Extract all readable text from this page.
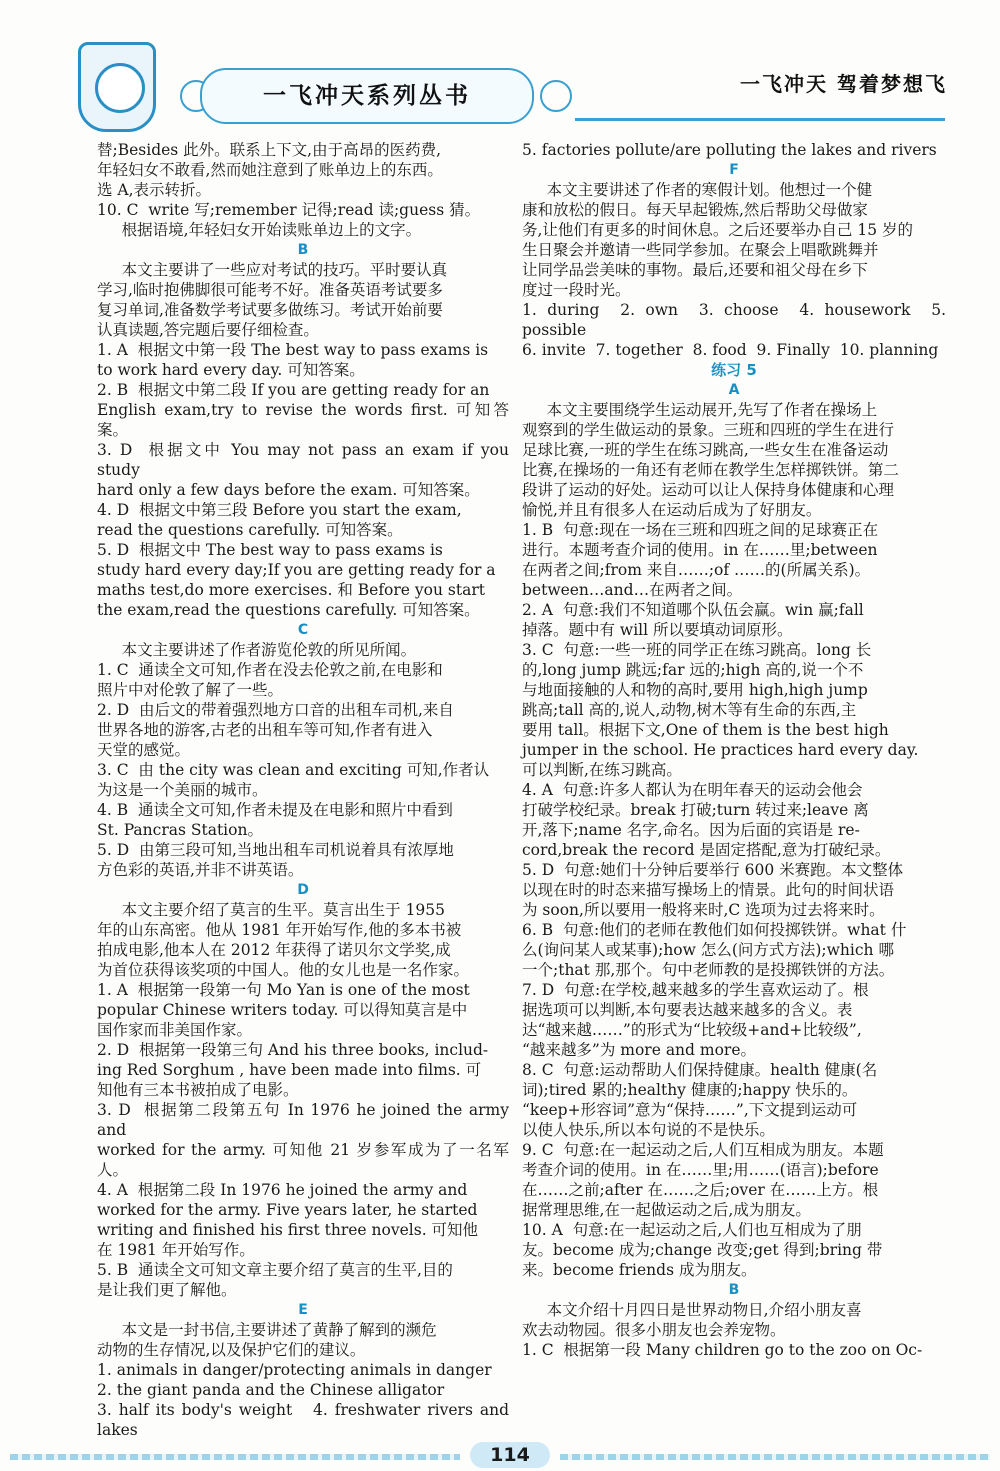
一飞冲天系列丛书	一飞冲天 驾着梦想飞

替;Besides 此外。联系上下文,由于高昂的医药费,

年轻妇女不敢看,然而她注意到了账单边上的东西。

选 A,表示转折。

10. C  write 写;remember 记得;read 读;guess 猜。

根据语境,年轻妇女开始读账单边上的文字。

B

本文主要讲了一些应对考试的技巧。平时要认真

学习,临时抱佛脚很可能考不好。准备英语考试要多

复习单词,准备数学考试要多做练习。考试开始前要

认真读题,答完题后要仔细检查。

1. A  根据文中第一段 The best way to pass exams is

to work hard every day. 可知答案。

2. B  根据文中第二段 If you are getting ready for an

English exam,try to revise the words first. 可知答案。

3. D  根据文中 You may not pass an exam if you study

hard only a few days before the exam. 可知答案。

4. D  根据文中第三段 Before you start the exam,

read the questions carefully. 可知答案。

5. D  根据文中 The best way to pass exams is

study hard every day;If you are getting ready for a

maths test,do more exercises. 和 Before you start

the exam,read the questions carefully. 可知答案。

C

本文主要讲述了作者游览伦敦的所见所闻。

1. C  通读全文可知,作者在没去伦敦之前,在电影和

照片中对伦敦了解了一些。

2. D  由后文的带着强烈地方口音的出租车司机,来自

世界各地的游客,古老的出租车等可知,作者有进入

天堂的感觉。

3. C  由 the city was clean and exciting 可知,作者认

为这是一个美丽的城市。

4. B  通读全文可知,作者未提及在电影和照片中看到

St. Pancras Station。

5. D  由第三段可知,当地出租车司机说着具有浓厚地

方色彩的英语,并非不讲英语。

D

本文主要介绍了莫言的生平。莫言出生于 1955

年的山东高密。他从 1981 年开始写作,他的多本书被

拍成电影,他本人在 2012 年获得了诺贝尔文学奖,成

为首位获得该奖项的中国人。他的女儿也是一名作家。

1. A  根据第一段第一句 Mo Yan is one of the most

popular Chinese writers today. 可以得知莫言是中

国作家而非美国作家。

2. D  根据第一段第三句 And his three books, includ-

ing Red Sorghum , have been made into films. 可

知他有三本书被拍成了电影。

3. D  根据第二段第五句 In 1976 he joined the army and

worked for the army. 可知他 21 岁参军成为了一名军人。

4. A  根据第二段 In 1976 he joined the army and

worked for the army. Five years later, he started

writing and finished his first three novels. 可知他

在 1981 年开始写作。

5. B  通读全文可知文章主要介绍了莫言的生平,目的

是让我们更了解他。

E

本文是一封书信,主要讲述了黄静了解到的濒危

动物的生存情况,以及保护它们的建议。

1. animals in danger/protecting animals in danger

2. the giant panda and the Chinese alligator

3. half its body's weight   4. freshwater rivers and lakes

5. factories pollute/are polluting the lakes and rivers

F

本文主要讲述了作者的寒假计划。他想过一个健

康和放松的假日。每天早起锻炼,然后帮助父母做家

务,让他们有更多的时间休息。之后还要举办自己 15 岁的

生日聚会并邀请一些同学参加。在聚会上唱歌跳舞并

让同学品尝美味的事物。最后,还要和祖父母在乡下

度过一段时光。

1. during  2. own  3. choose  4. housework  5. possible

6. invite  7. together  8. food  9. Finally  10. planning

练习 5

A

本文主要围绕学生运动展开,先写了作者在操场上

观察到的学生做运动的景象。三班和四班的学生在进行

足球比赛,一班的学生在练习跳高,一些女生在准备运动

比赛,在操场的一角还有老师在教学生怎样掷铁饼。第二

段讲了运动的好处。运动可以让人保持身体健康和心理

愉悦,并且有很多人在运动后成为了好朋友。

1. B  句意:现在一场在三班和四班之间的足球赛正在

进行。本题考查介词的使用。in 在……里;between

在两者之间;from 来自……;of ……的(所属关系)。

between…and…在两者之间。

2. A  句意:我们不知道哪个队伍会赢。win 赢;fall

掉落。题中有 will 所以要填动词原形。

3. C  句意:一些一班的同学正在练习跳高。long 长

的,long jump 跳远;far 远的;high 高的,说一个不

与地面接触的人和物的高时,要用 high,high jump

跳高;tall 高的,说人,动物,树木等有生命的东西,主

要用 tall。根据下文,One of them is the best high

jumper in the school. He practices hard every day.

可以判断,在练习跳高。

4. A  句意:许多人都认为在明年春天的运动会他会

打破学校纪录。break 打破;turn 转过来;leave 离

开,落下;name 名字,命名。因为后面的宾语是 re-

cord,break the record 是固定搭配,意为打破纪录。

5. D  句意:她们十分钟后要举行 600 米赛跑。本文整体

以现在时的时态来描写操场上的情景。此句的时间状语

为 soon,所以要用一般将来时,C 选项为过去将来时。

6. B  句意:他们的老师在教他们如何投掷铁饼。what 什

么(询问某人或某事);how 怎么(问方式方法);which 哪

一个;that 那,那个。句中老师教的是投掷铁饼的方法。

7. D  句意:在学校,越来越多的学生喜欢运动了。根

据选项可以判断,本句要表达越来越多的含义。表

达“越来越……”的形式为“比较级+and+比较级”,

“越来越多”为 more and more。

8. C  句意:运动帮助人们保持健康。health 健康(名

词);tired 累的;healthy 健康的;happy 快乐的。

“keep+形容词”意为“保持……”,下文提到运动可

以使人快乐,所以本句说的不是快乐。

9. C  句意:在一起运动之后,人们互相成为朋友。本题

考查介词的使用。in 在……里;用……(语言);before

在……之前;after 在……之后;over 在……上方。根

据常理思维,在一起做运动之后,成为朋友。

10. A  句意:在一起运动之后,人们也互相成为了朋

友。become 成为;change 改变;get 得到;bring 带

来。become friends 成为朋友。

B

本文介绍十月四日是世界动物日,介绍小朋友喜

欢去动物园。很多小朋友也会养宠物。

1. C  根据第一段 Many children go to the zoo on Oc-

114
